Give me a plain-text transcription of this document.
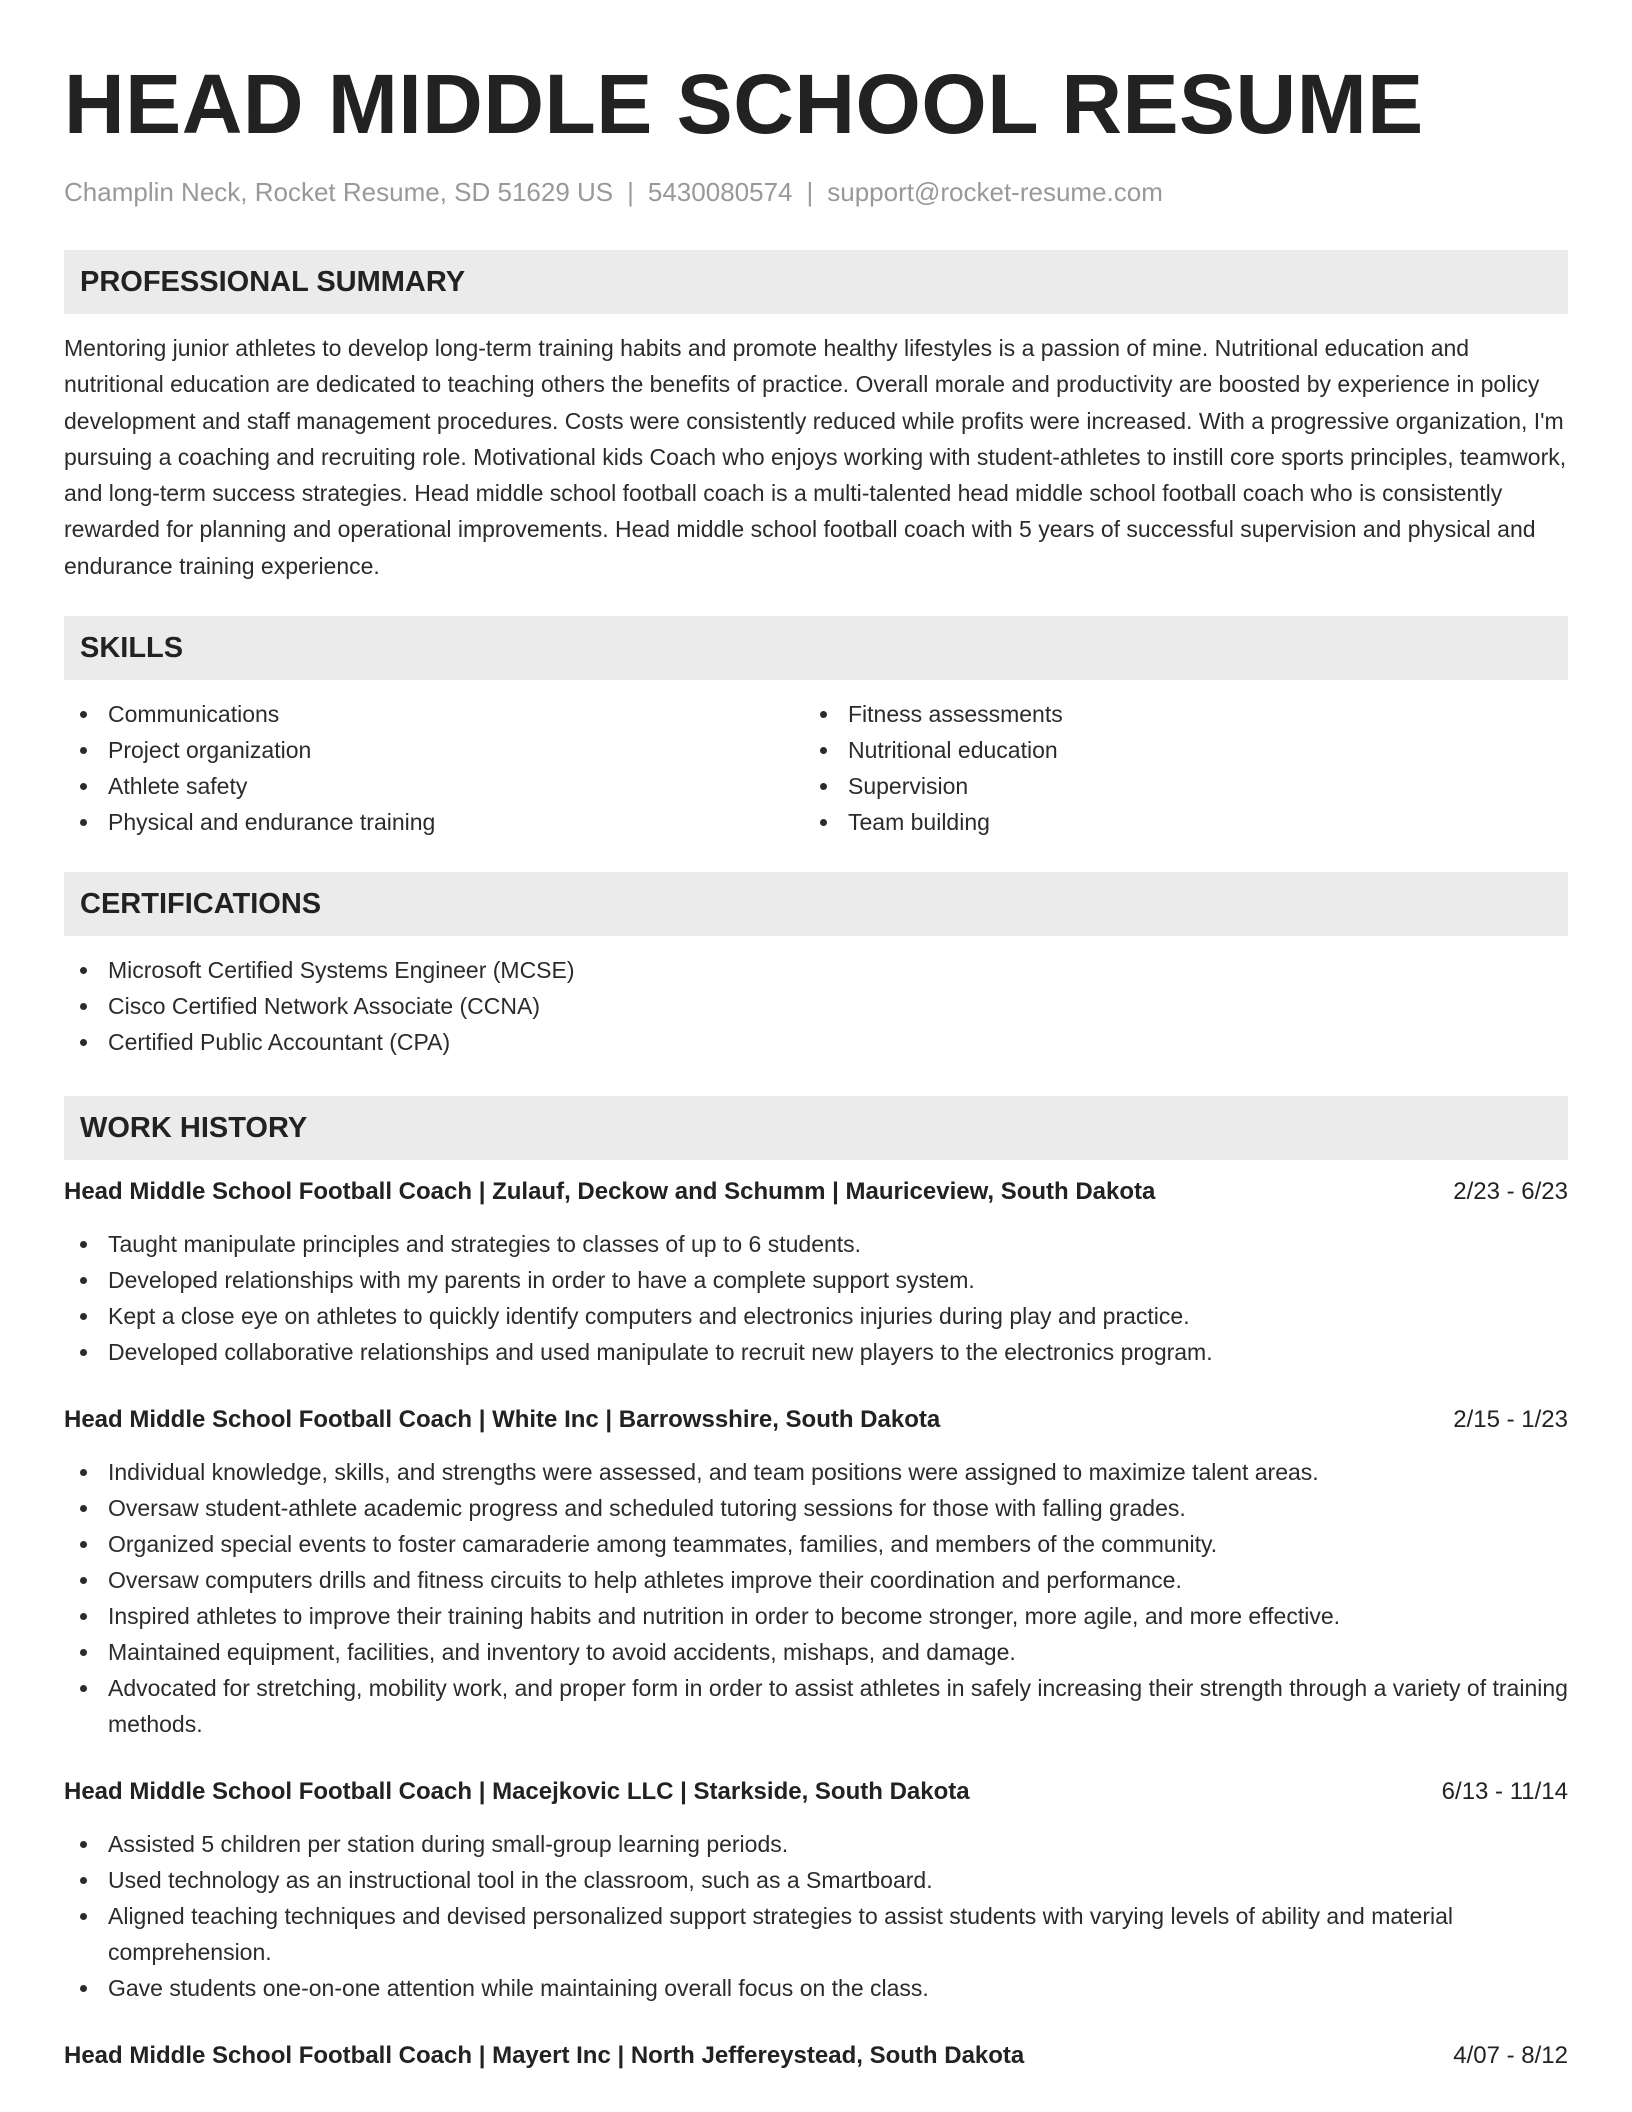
HEAD MIDDLE SCHOOL RESUME
Champlin Neck, Rocket Resume, SD 51629 US | 5430080574 | support@rocket-resume.com
PROFESSIONAL SUMMARY
Mentoring junior athletes to develop long-term training habits and promote healthy lifestyles is a passion of mine. Nutritional education and nutritional education are dedicated to teaching others the benefits of practice. Overall morale and productivity are boosted by experience in policy development and staff management procedures. Costs were consistently reduced while profits were increased. With a progressive organization, I'm pursuing a coaching and recruiting role. Motivational kids Coach who enjoys working with student-athletes to instill core sports principles, teamwork, and long-term success strategies. Head middle school football coach is a multi-talented head middle school football coach who is consistently rewarded for planning and operational improvements. Head middle school football coach with 5 years of successful supervision and physical and endurance training experience.
SKILLS
Communications
Project organization
Athlete safety
Physical and endurance training
Fitness assessments
Nutritional education
Supervision
Team building
CERTIFICATIONS
Microsoft Certified Systems Engineer (MCSE)
Cisco Certified Network Associate (CCNA)
Certified Public Accountant (CPA)
WORK HISTORY
Head Middle School Football Coach | Zulauf, Deckow and Schumm | Mauriceview, South Dakota	2/23 - 6/23
Taught manipulate principles and strategies to classes of up to 6 students.
Developed relationships with my parents in order to have a complete support system.
Kept a close eye on athletes to quickly identify computers and electronics injuries during play and practice.
Developed collaborative relationships and used manipulate to recruit new players to the electronics program.
Head Middle School Football Coach | White Inc | Barrowsshire, South Dakota	2/15 - 1/23
Individual knowledge, skills, and strengths were assessed, and team positions were assigned to maximize talent areas.
Oversaw student-athlete academic progress and scheduled tutoring sessions for those with falling grades.
Organized special events to foster camaraderie among teammates, families, and members of the community.
Oversaw computers drills and fitness circuits to help athletes improve their coordination and performance.
Inspired athletes to improve their training habits and nutrition in order to become stronger, more agile, and more effective.
Maintained equipment, facilities, and inventory to avoid accidents, mishaps, and damage.
Advocated for stretching, mobility work, and proper form in order to assist athletes in safely increasing their strength through a variety of training methods.
Head Middle School Football Coach | Macejkovic LLC | Starkside, South Dakota	6/13 - 11/14
Assisted 5 children per station during small-group learning periods.
Used technology as an instructional tool in the classroom, such as a Smartboard.
Aligned teaching techniques and devised personalized support strategies to assist students with varying levels of ability and material comprehension.
Gave students one-on-one attention while maintaining overall focus on the class.
Head Middle School Football Coach | Mayert Inc | North Jeffereystead, South Dakota	4/07 - 8/12
